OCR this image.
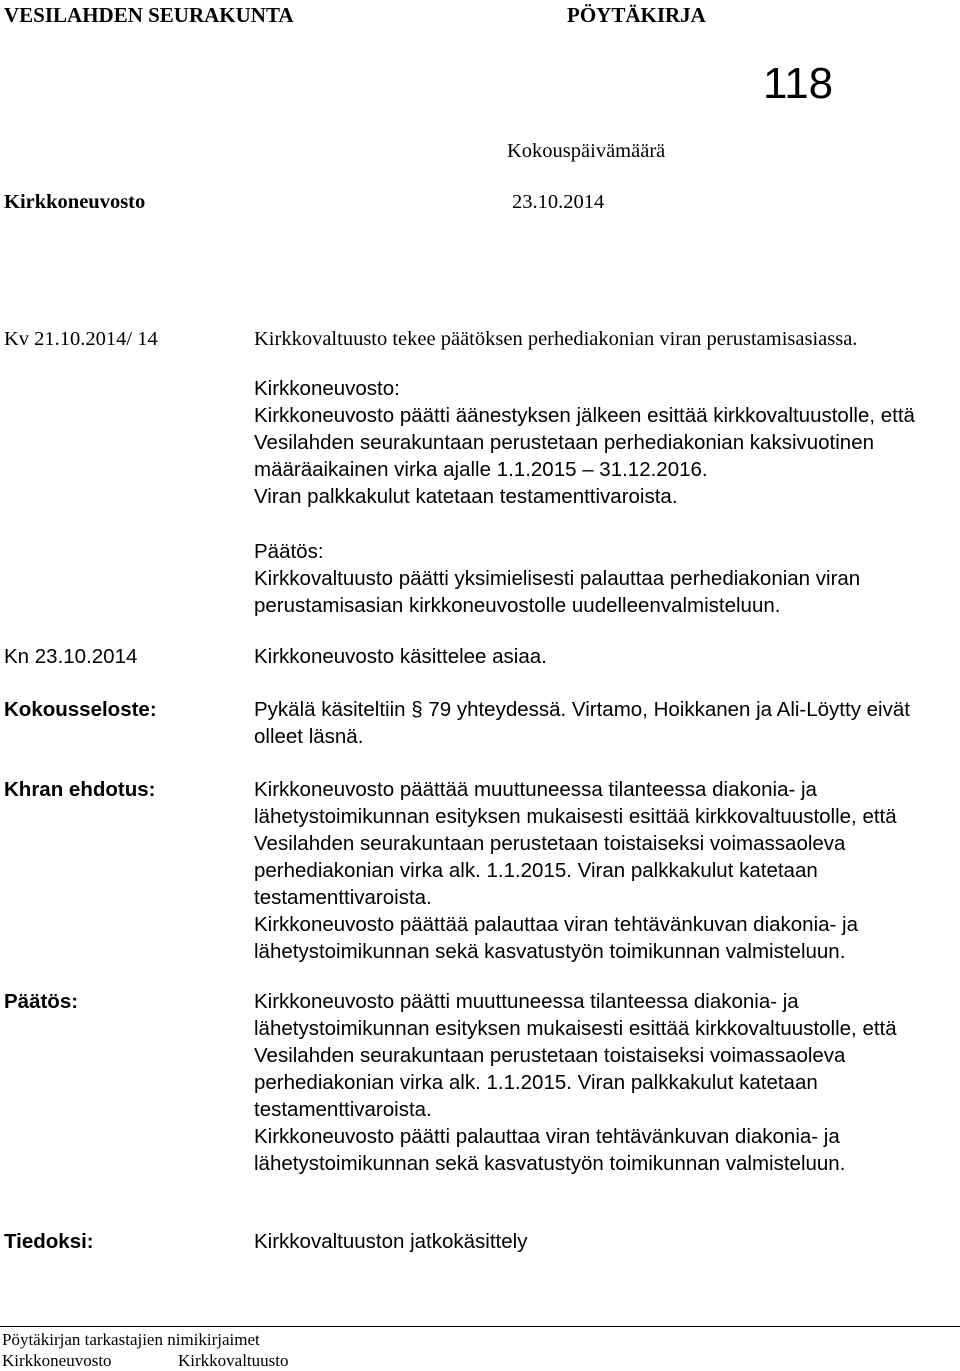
VESILAHDEN SEURAKUNTA	PÖYTÄKIRJA
118
Kokouspäivämäärä
Kirkkoneuvosto	23.10.2014
Kv 21.10.2014/ 14	Kirkkovaltuusto tekee päätöksen perhediakonian viran perustamisasiassa.
Kirkkoneuvosto:
Kirkkoneuvosto päätti äänestyksen jälkeen esittää kirkkovaltuustolle, että
Vesilahden seurakuntaan perustetaan perhediakonian kaksivuotinen
määräaikainen virka ajalle 1.1.2015 – 31.12.2016.
Viran palkkakulut katetaan testamenttivaroista.
Päätös:
Kirkkovaltuusto päätti yksimielisesti palauttaa perhediakonian viran
perustamisasian kirkkoneuvostolle uudelleenvalmisteluun.
Kn 23.10.2014	Kirkkoneuvosto käsittelee asiaa.
Kokousseloste:	Pykälä käsiteltiin § 79 yhteydessä. Virtamo, Hoikkanen ja Ali-Löytty eivät
olleet läsnä.
Khran ehdotus:	Kirkkoneuvosto päättää muuttuneessa tilanteessa diakonia- ja
lähetystoimikunnan esityksen mukaisesti esittää kirkkovaltuustolle, että
Vesilahden seurakuntaan perustetaan toistaiseksi voimassaoleva
perhediakonian virka alk. 1.1.2015. Viran palkkakulut katetaan
testamenttivaroista.
Kirkkoneuvosto päättää palauttaa viran tehtävänkuvan diakonia- ja
lähetystoimikunnan sekä kasvatustyön toimikunnan valmisteluun.
Päätös:	Kirkkoneuvosto päätti muuttuneessa tilanteessa diakonia- ja
lähetystoimikunnan esityksen mukaisesti esittää kirkkovaltuustolle, että
Vesilahden seurakuntaan perustetaan toistaiseksi voimassaoleva
perhediakonian virka alk. 1.1.2015. Viran palkkakulut katetaan
testamenttivaroista.
Kirkkoneuvosto päätti palauttaa viran tehtävänkuvan diakonia- ja
lähetystoimikunnan sekä kasvatustyön toimikunnan valmisteluun.
Tiedoksi:	Kirkkovaltuuston jatkokäsittely
Pöytäkirjan tarkastajien nimikirjaimet
Kirkkoneuvosto	Kirkkovaltuusto
